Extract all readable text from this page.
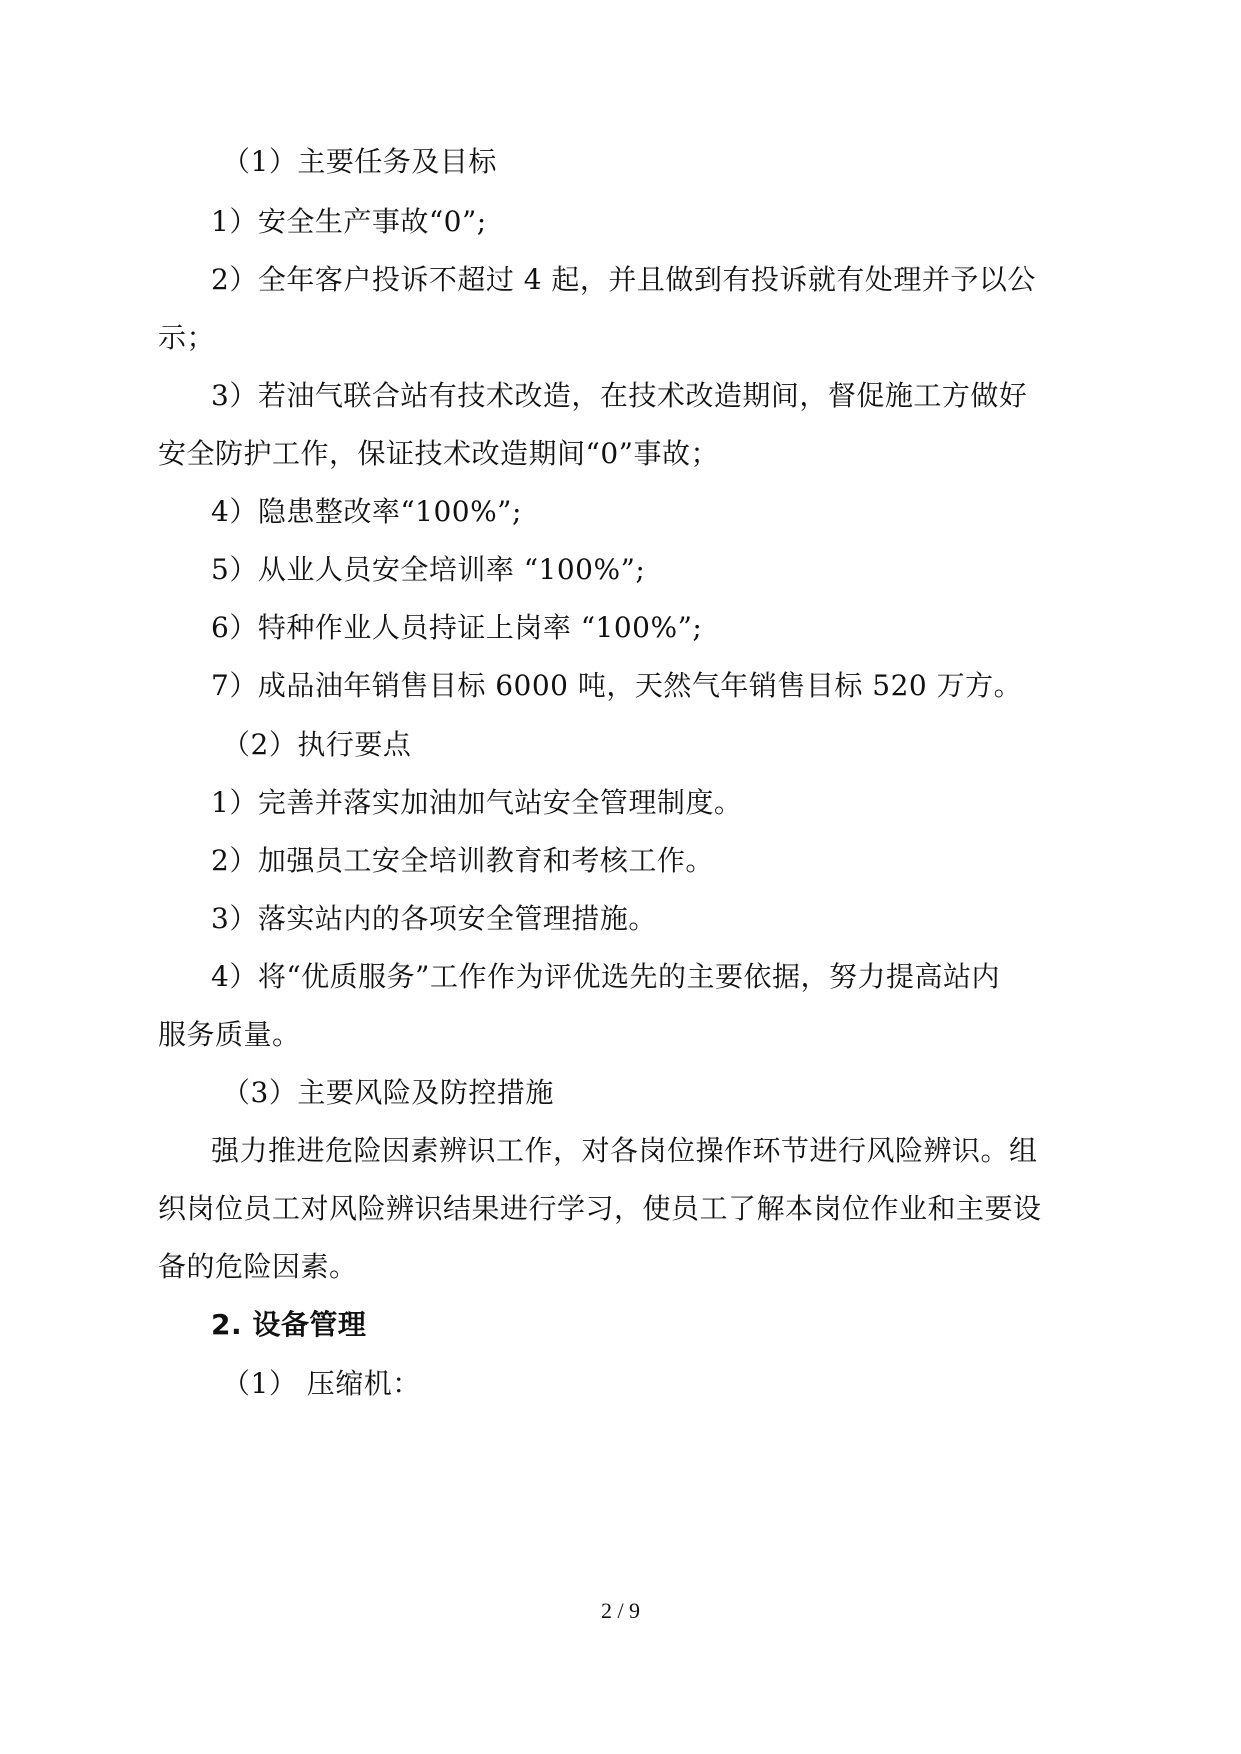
（1）主要任务及目标
1）安全生产事故“0”;
2）全年客户投诉不超过 4 起，并且做到有投诉就有处理并予以公
示；
3）若油气联合站有技术改造，在技术改造期间，督促施工方做好
安全防护工作，保证技术改造期间“0”事故；
4）隐患整改率“100%”;
5）从业人员安全培训率 “100%”;
6）特种作业人员持证上岗率 “100%”;
7）成品油年销售目标 6000 吨，天然气年销售目标 520 万方。
（2）执行要点
1）完善并落实加油加气站安全管理制度。
2）加强员工安全培训教育和考核工作。
3）落实站内的各项安全管理措施。
4）将“优质服务”工作作为评优选先的主要依据，努力提高站内
服务质量。
（3）主要风险及防控措施
强力推进危险因素辨识工作，对各岗位操作环节进行风险辨识。组
织岗位员工对风险辨识结果进行学习，使员工了解本岗位作业和主要设
备的危险因素。
2. 设备管理
（1） 压缩机：
2 / 9
